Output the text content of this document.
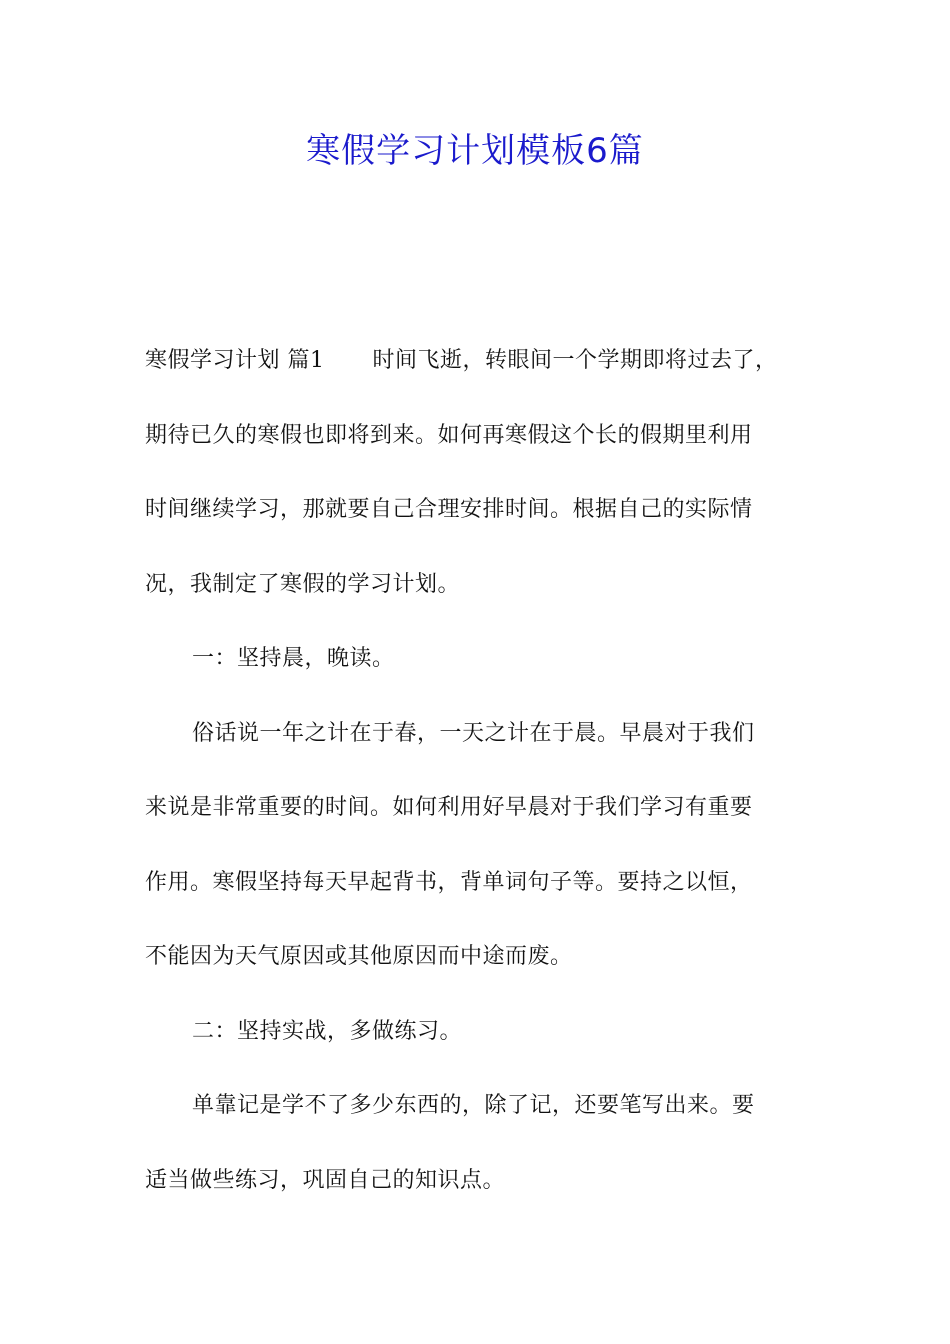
寒假学习计划模板6篇
寒假学习计划 篇1 时间飞逝，转眼间一个学期即将过去了，
期待已久的寒假也即将到来。如何再寒假这个长的假期里利用
时间继续学习，那就要自己合理安排时间。根据自己的实际情
况，我制定了寒假的学习计划。
一：坚持晨，晚读。
俗话说一年之计在于春，一天之计在于晨。早晨对于我们
来说是非常重要的时间。如何利用好早晨对于我们学习有重要
作用。寒假坚持每天早起背书，背单词句子等。要持之以恒，
不能因为天气原因或其他原因而中途而废。
二：坚持实战，多做练习。
单靠记是学不了多少东西的，除了记，还要笔写出来。要
适当做些练习，巩固自己的知识点。
